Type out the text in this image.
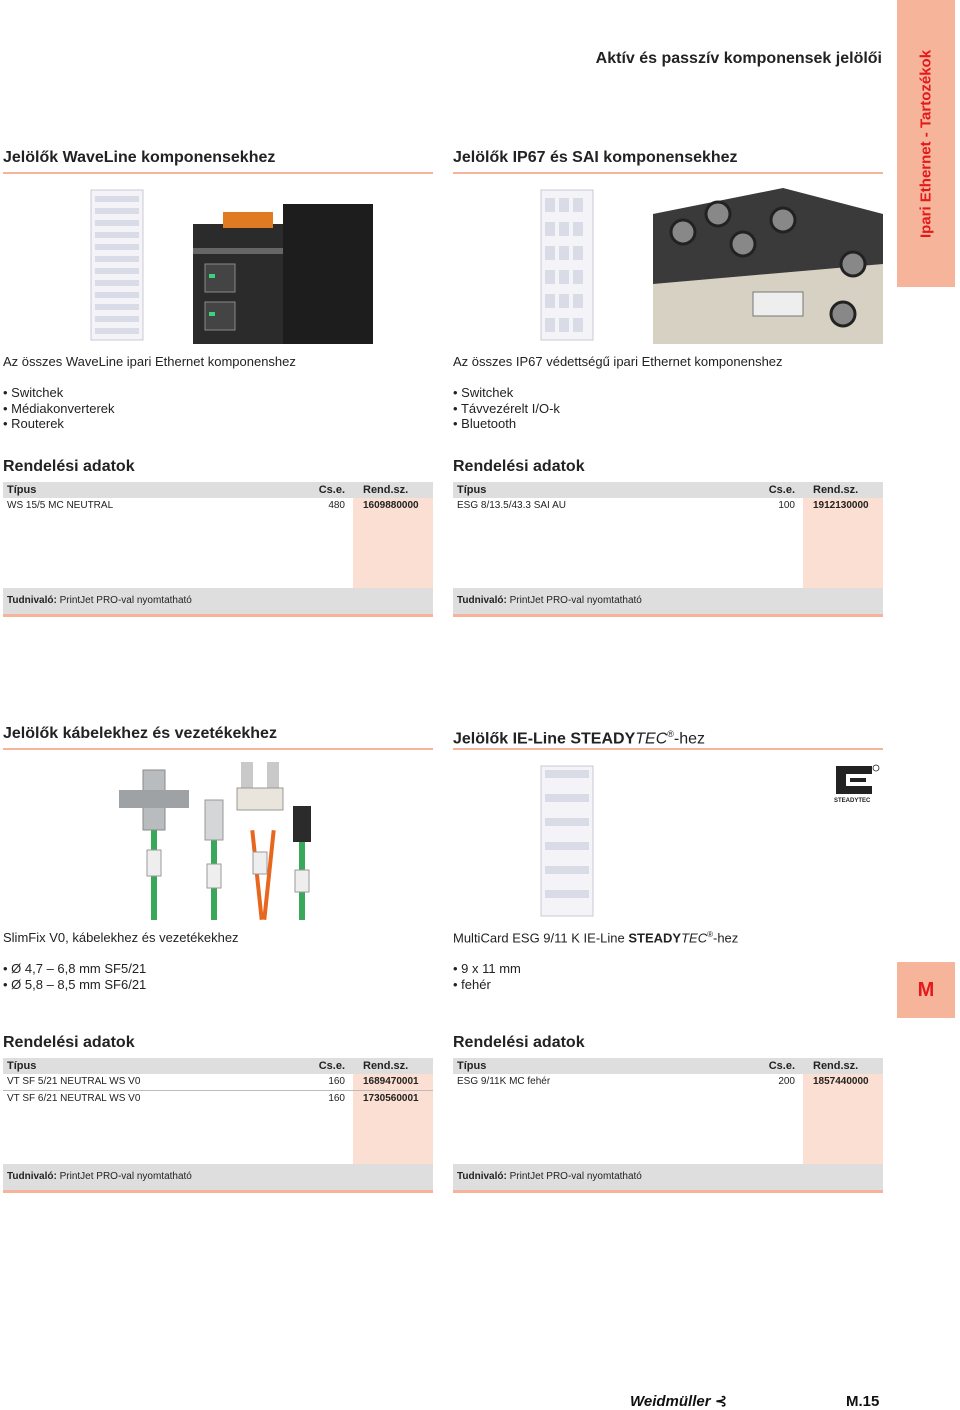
Ipari Ethernet - Tartozékok
M
Aktív és passzív komponensek jelölői
Jelölők WaveLine komponensekhez
Az összes WaveLine ipari Ethernet komponenshez
• Switchek
• Médiakonverterek
• Routerek
Rendelési adatok
Típus	Cs.e.	Rend.sz.
WS 15/5 MC NEUTRAL	480	1609880000
Tudnivaló: PrintJet PRO-val nyomtatható
Jelölők IP67 és SAI komponensekhez
Az összes IP67 védettségű ipari Ethernet komponenshez
• Switchek
• Távvezérelt I/O-k
• Bluetooth
Rendelési adatok
Típus	Cs.e.	Rend.sz.
ESG 8/13.5/43.3 SAI AU	100	1912130000
Tudnivaló: PrintJet PRO-val nyomtatható
Jelölők kábelekhez és vezetékekhez
SlimFix V0, kábelekhez és vezetékekhez
• Ø 4,7 – 6,8 mm SF5/21
• Ø 5,8 – 8,5 mm SF6/21
Rendelési adatok
Típus	Cs.e.	Rend.sz.
VT SF 5/21 NEUTRAL WS V0	160	1689470001
VT SF 6/21 NEUTRAL WS V0	160	1730560001
Tudnivaló: PrintJet PRO-val nyomtatható
Jelölők IE-Line STEADYTEC®-hez
MultiCard ESG 9/11 K IE-Line STEADYTEC®-hez
• 9 x 11 mm
• fehér
Rendelési adatok
Típus	Cs.e.	Rend.sz.
ESG 9/11K MC fehér	200	1857440000
Tudnivaló: PrintJet PRO-val nyomtatható
STEADYTEC
Weidmüller ⊰	M.15
